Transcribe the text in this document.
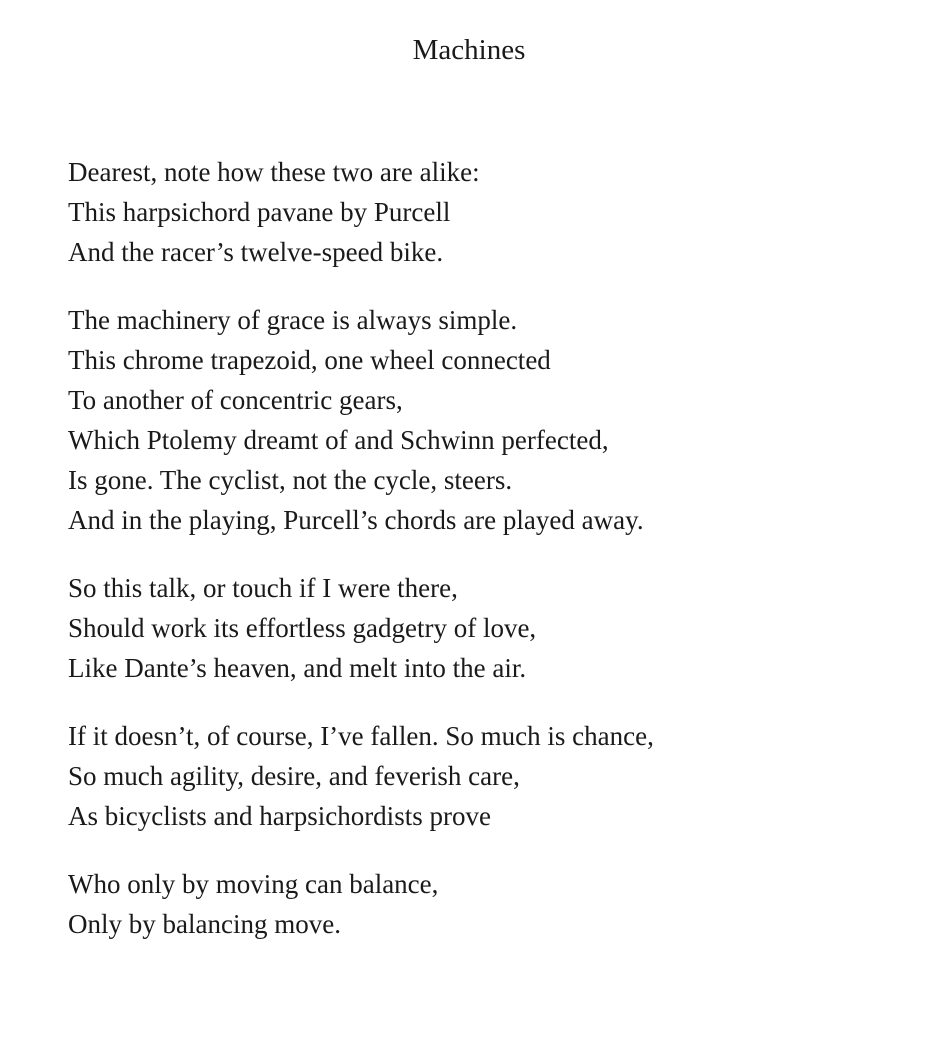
Machines
Dearest, note how these two are alike:
This harpsichord pavane by Purcell
And the racer’s twelve-speed bike.
The machinery of grace is always simple.
This chrome trapezoid, one wheel connected
To another of concentric gears,
Which Ptolemy dreamt of and Schwinn perfected,
Is gone. The cyclist, not the cycle, steers.
And in the playing, Purcell’s chords are played away.
So this talk, or touch if I were there,
Should work its effortless gadgetry of love,
Like Dante’s heaven, and melt into the air.
If it doesn’t, of course, I’ve fallen. So much is chance,
So much agility, desire, and feverish care,
As bicyclists and harpsichordists prove
Who only by moving can balance,
Only by balancing move.
